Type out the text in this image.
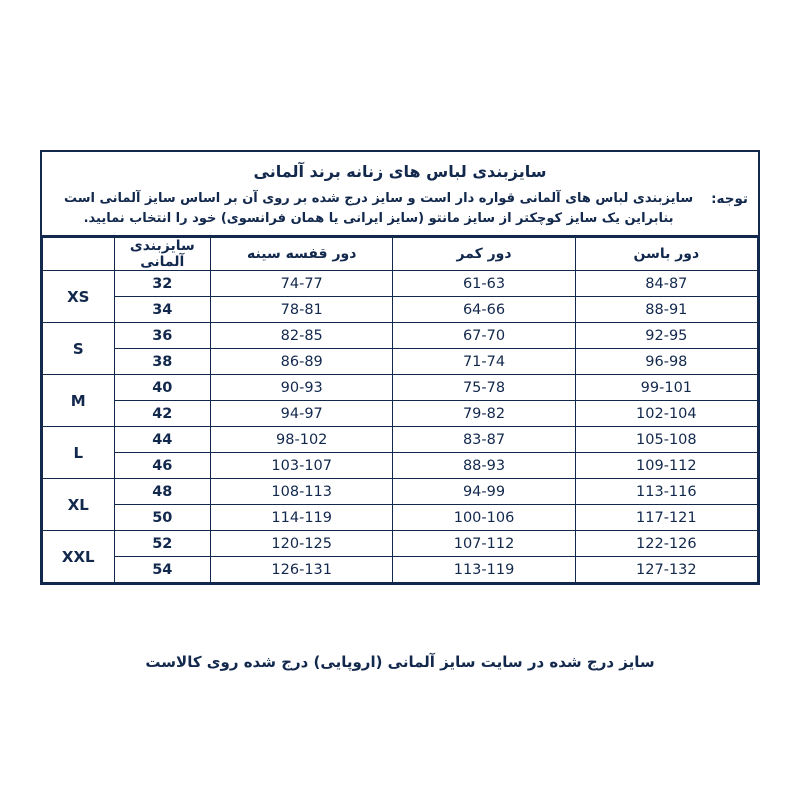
سایزبندی لباس های زنانه برند آلمانی
توجه:
سایزبندی لباس های آلمانی قواره دار است و سایز درج شده بر روی آن بر اساس سایز آلمانی است
بنابراین یک سایز کوچکتر از سایز مانتو (سایز ایرانی یا همان فرانسوی) خود را انتخاب نمایید.
دور باسن	دور کمر	دور قفسه سینه	سایزبندی آلمانی	
84-87	61-63	74-77	32	XS
88-91	64-66	78-81	34	
92-95	67-70	82-85	36	S
96-98	71-74	86-89	38	
99-101	75-78	90-93	40	M
102-104	79-82	94-97	42	
105-108	83-87	98-102	44	L
109-112	88-93	103-107	46	
113-116	94-99	108-113	48	XL
117-121	100-106	114-119	50	
122-126	107-112	120-125	52	XXL
127-132	113-119	126-131	54	
سایز درج شده در سایت سایز آلمانی (اروپایی) درج شده روی کالاست
